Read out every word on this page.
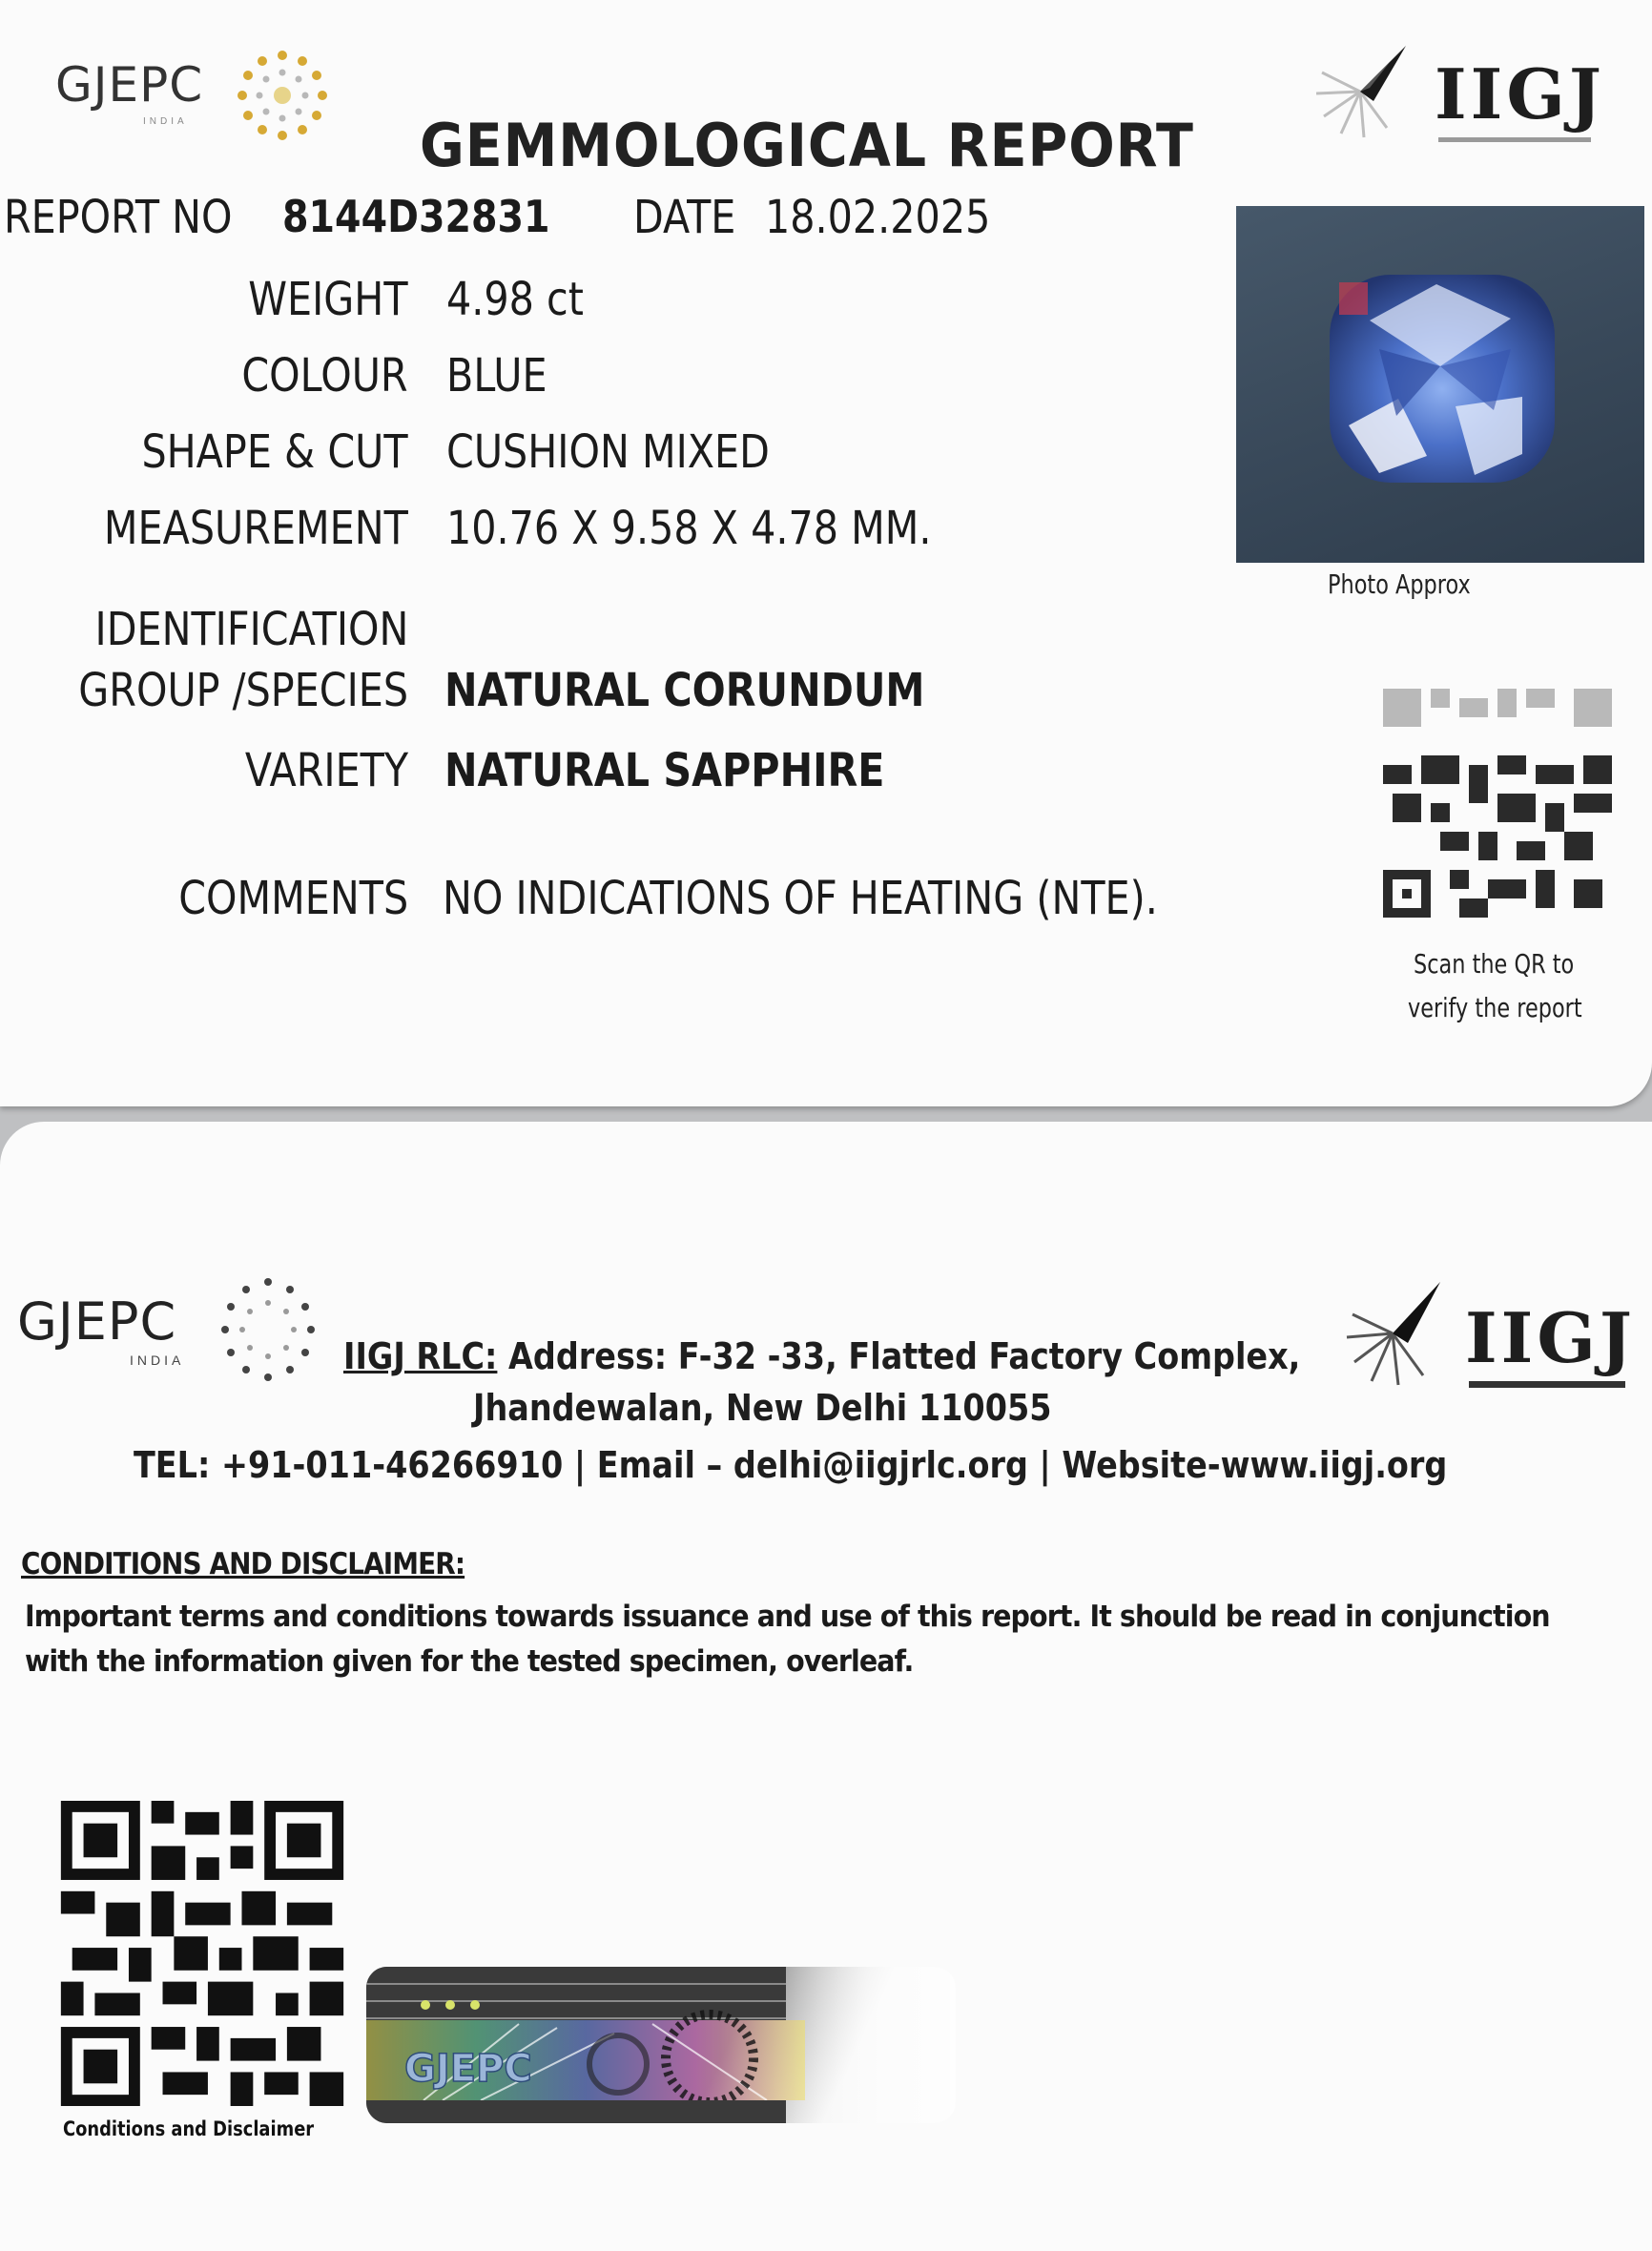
GJEPC
INDIA	IIGJ
GEMMOLOGICAL REPORT
REPORT NO 8144D32831 DATE 18.02.2025
WEIGHT 4.98 ct
COLOUR BLUE
SHAPE & CUT CUSHION MIXED
MEASUREMENT 10.76 X 9.58 X 4.78 MM.
IDENTIFICATION
GROUP /SPECIES NATURAL CORUNDUM
VARIETY NATURAL SAPPHIRE
COMMENTS NO INDICATIONS OF HEATING (NTE).
Photo Approx
Scan the QR to
verify the report
GJEPC
INDIA	IIGJ
IIGJ RLC: Address: F-32 -33, Flatted Factory Complex,
Jhandewalan, New Delhi 110055
TEL: +91-011-46266910 | Email – delhi@iigjrlc.org | Website-www.iigj.org
CONDITIONS AND DISCLAIMER:
Important terms and conditions towards issuance and use of this report. It should be read in conjunction with the information given for the tested specimen, overleaf.
Conditions and Disclaimer
GJEPC
